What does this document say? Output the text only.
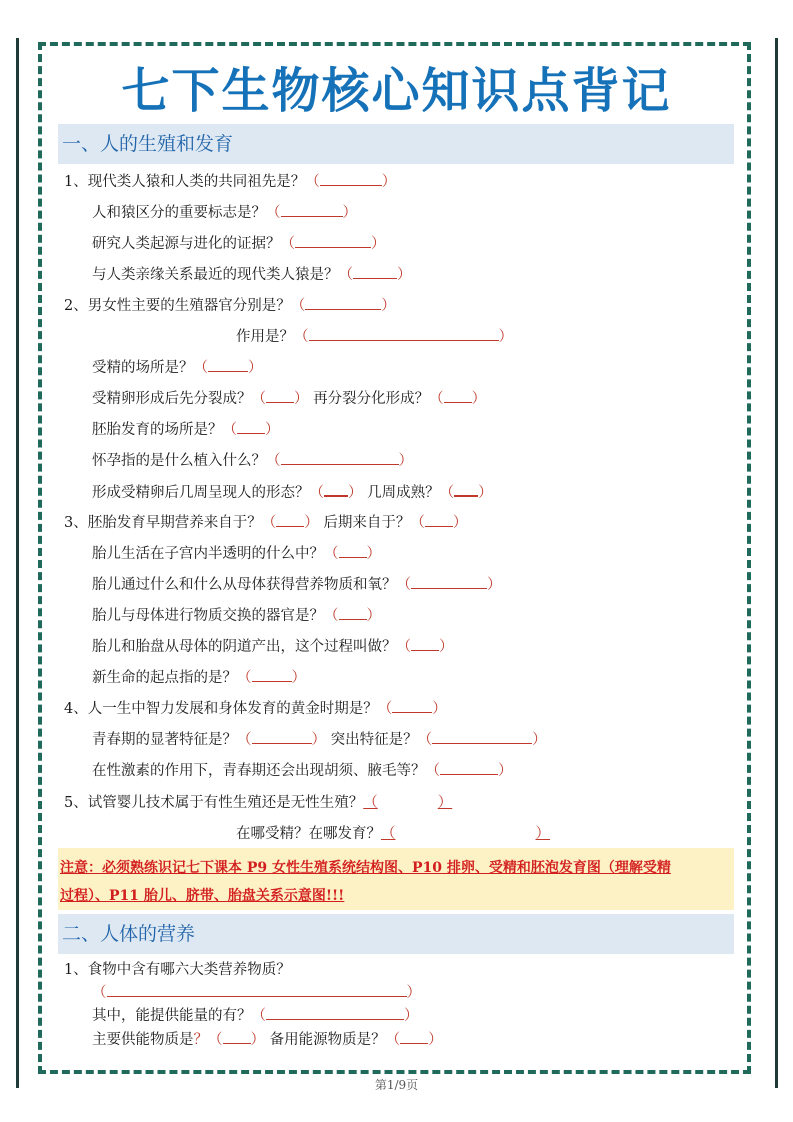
七下生物核心知识点背记
一、人的生殖和发育
1、现代类人猿和人类的共同祖先是？（	）
人和猿区分的重要标志是？（	）
研究人类起源与进化的证据？（	）
与人类亲缘关系最近的现代类人猿是？（	）
2、男女性主要的生殖器官分别是？（	）
作用是？（	）
受精的场所是？（	）
受精卵形成后先分裂成？（ ） 再分裂分化形成？（ ）
胚胎发育的场所是？（ ）
怀孕指的是什么植入什么？（	）
形成受精卵后几周呈现人的形态？（ ） 几周成熟？（ ）
3、胚胎发育早期营养来自于？（ ） 后期来自于？（ ）
胎儿生活在子宫内半透明的什么中？（ ）
胎儿通过什么和什么从母体获得营养物质和氧？（	）
胎儿与母体进行物质交换的器官是？（ ）
胎儿和胎盘从母体的阴道产出，这个过程叫做？（ ）
新生命的起点指的是？（	）
4、人一生中智力发展和身体发育的黄金时期是？（	）
青春期的显著特征是？（	） 突出特征是？（	）
在性激素的作用下，青春期还会出现胡须、腋毛等？（	）
5、试管婴儿技术属于有性生殖还是无性生殖？（	）
在哪受精？在哪发育？（	）
注意：必须熟练识记七下课本 P9 女性生殖系统结构图、P10 排卵、受精和胚泡发育图（理解受精
过程）、P11 胎儿、脐带、胎盘关系示意图!!!
二、人体的营养
1、食物中含有哪六大类营养物质？
（	）
其中，能提供能量的有？（	）
主要供能物质是？（ ） 备用能源物质是？（ ）
第1/9页
